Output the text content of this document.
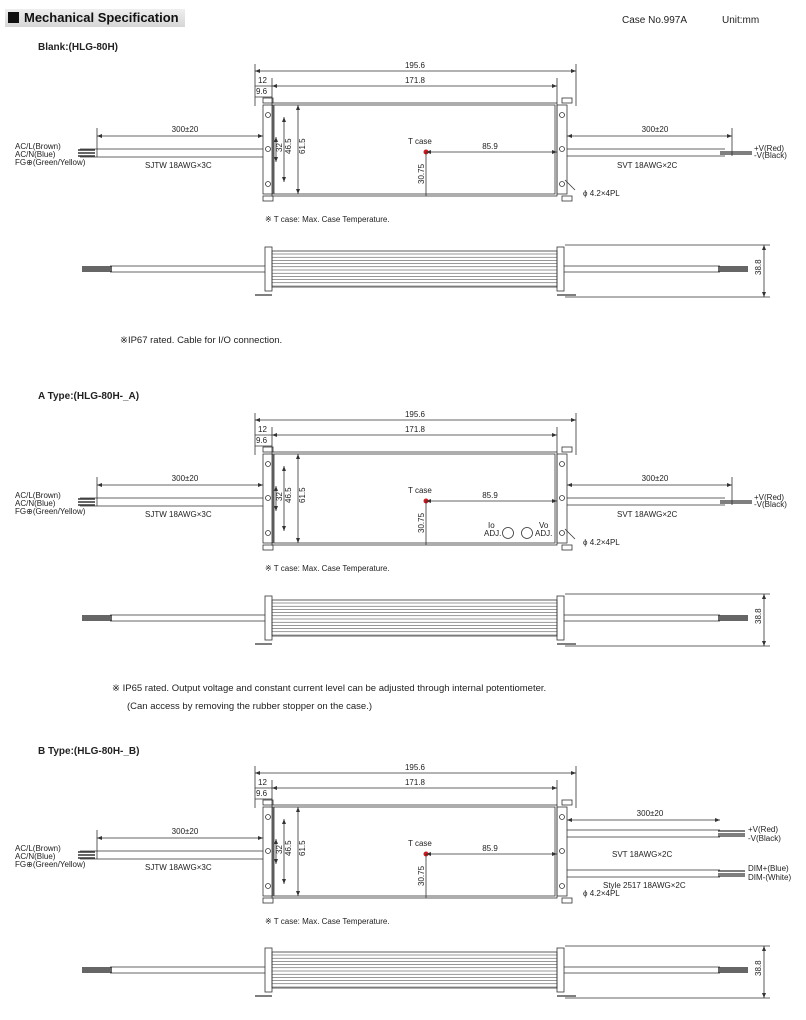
Mechanical Specification	Case No.997A	Unit:mm
Blank:(HLG-80H)
A Type:(HLG-80H-_A)
B Type:(HLG-80H-_B)
※IP67 rated. Cable for I/O connection.
※ IP65 rated. Output voltage and constant current level can be adjusted through internal potentiometer.
(Can access by removing the rubber stopper on the case.)
195.6
171.8
12
9.6
46.5 61.5
32
T case
30.75
85.9
300±20
AC/L(Brown)
AC/N(Blue)
FG⊕(Green/Yellow)	SJTW 18AWG×3C
300±20
+V(Red)
-V(Black)
SVT 18AWG×2C
ϕ 4.2×4PL
※ T case: Max. Case Temperature.
38.8
195.6
171.8
12
9.6
46.5 61.5
32
T case
30.75
85.9
300±20
AC/L(Brown)
AC/N(Blue)
FG⊕(Green/Yellow)	SJTW 18AWG×3C
300±20
+V(Red)
-V(Black)
SVT 18AWG×2C
ϕ 4.2×4PL
Io
ADJ.
Vo
ADJ.
※ T case: Max. Case Temperature.
38.8
195.6
171.8
12
9.6
46.5 61.5
32
T case
30.75
85.9
300±20
AC/L(Brown)
AC/N(Blue)
FG⊕(Green/Yellow)	SJTW 18AWG×3C
300±20
+V(Red)
-V(Black)
DIM+(Blue)
DIM-(White)
SVT 18AWG×2C
Style 2517 18AWG×2C
ϕ 4.2×4PL
※ T case: Max. Case Temperature.
38.8
